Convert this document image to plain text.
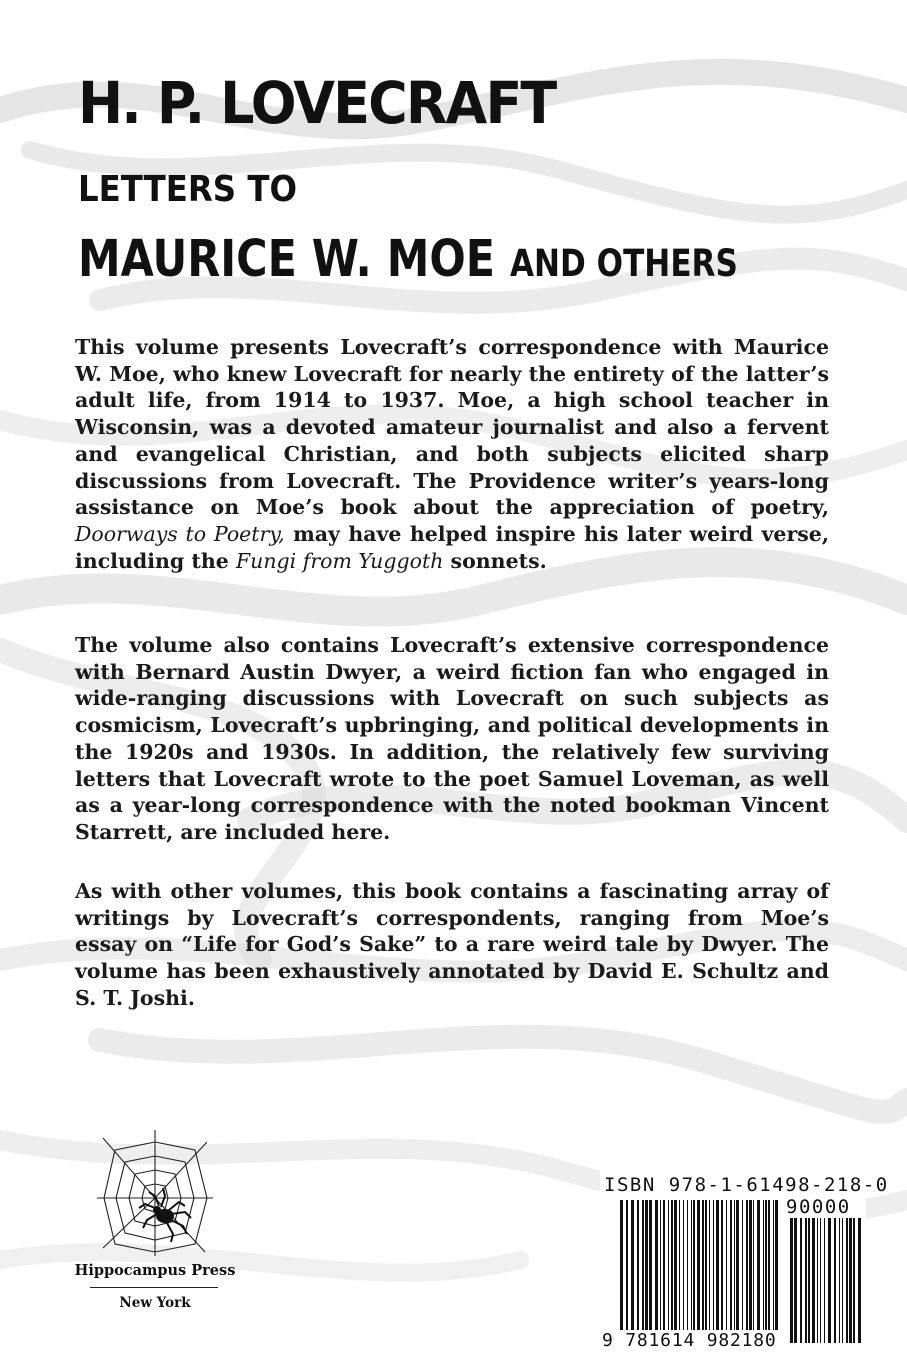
H. P. LOVECRAFT
LETTERS TO
MAURICE W. MOE AND OTHERS
This volume presents Lovecraft’s correspondence with Maurice W. Moe, who knew Lovecraft for nearly the entirety of the latter’s adult life, from 1914 to 1937. Moe, a high school teacher in Wisconsin, was a devoted amateur journalist and also a fervent and evangelical Christian, and both subjects elicited sharp discussions from Lovecraft. The Providence writer’s years-long assistance on Moe’s book about the appreciation of poetry, Doorways to Poetry, may have helped inspire his later weird verse, including the Fungi from Yuggoth sonnets.
The volume also contains Lovecraft’s extensive correspondence with Bernard Austin Dwyer, a weird fiction fan who engaged in wide-ranging discussions with Lovecraft on such subjects as cosmicism, Lovecraft’s upbringing, and political developments in the 1920s and 1930s. In addition, the relatively few surviving letters that Lovecraft wrote to the poet Samuel Loveman, as well as a year-long correspondence with the noted bookman Vincent Starrett, are included here.
As with other volumes, this book contains a fascinating array of writings by Lovecraft’s correspondents, ranging from Moe’s essay on “Life for God’s Sake” to a rare weird tale by Dwyer. The volume has been exhaustively annotated by David E. Schultz and S. T. Joshi.
Hippocampus Press
New York
ISBN 978-1-61498-218-0
90000
9 781614 982180
